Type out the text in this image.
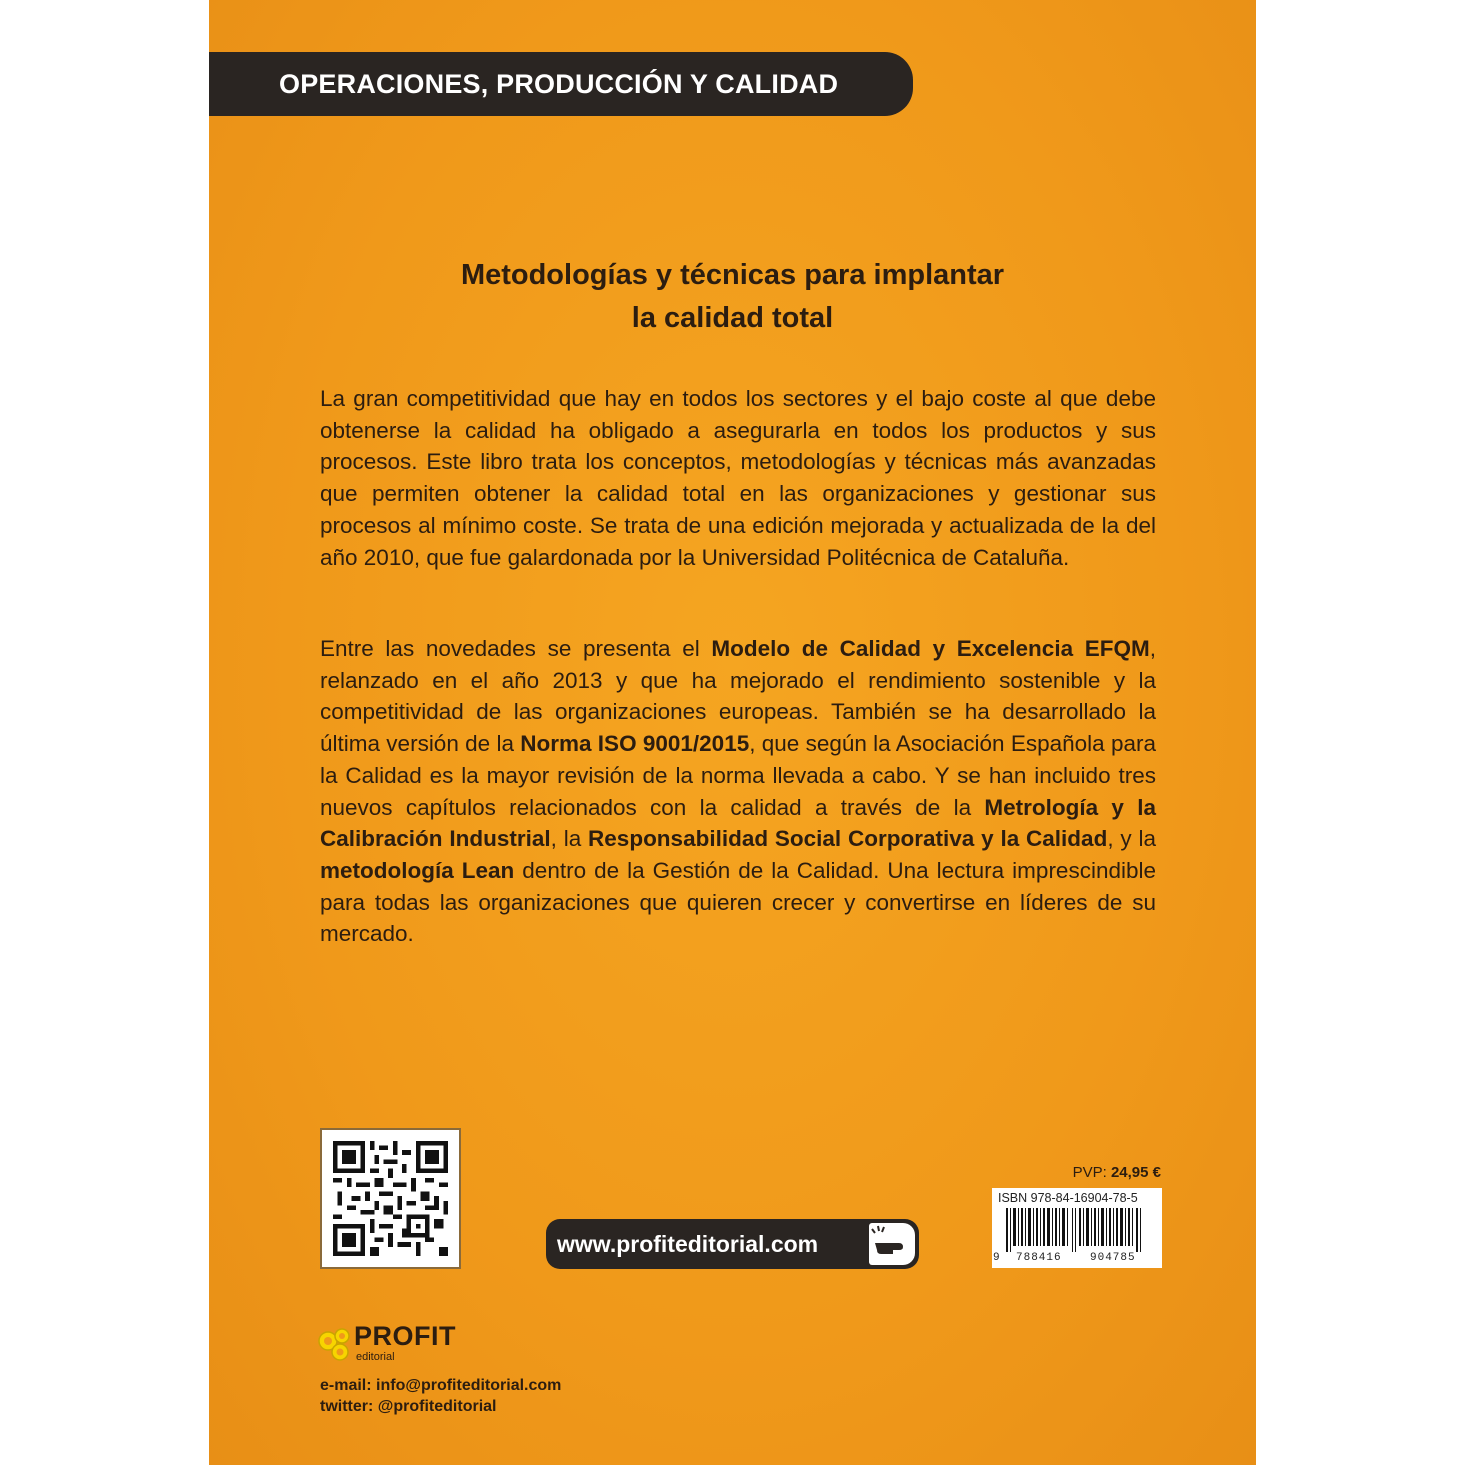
OPERACIONES, PRODUCCIÓN Y CALIDAD
Metodologías y técnicas para implantar
la calidad total
La gran competitividad que hay en todos los sectores y el bajo coste al que debe obtenerse la calidad ha obligado a asegurarla en todos los productos y sus procesos. Este libro trata los conceptos, metodologías y técnicas más avanzadas que permiten obtener la calidad total en las organizaciones y gestionar sus procesos al mínimo coste. Se trata de una edición mejorada y actualizada de la del año 2010, que fue galardonada por la Universidad Politécnica de Cataluña.
Entre las novedades se presenta el Modelo de Calidad y Excelencia EFQM, relanzado en el año 2013 y que ha mejorado el rendimiento sostenible y la competitividad de las organizaciones europeas. También se ha desarrollado la última versión de la Norma ISO 9001/2015, que según la Asociación Española para la Calidad es la mayor revisión de la norma llevada a cabo. Y se han incluido tres nuevos capítulos relacionados con la calidad a través de la Metrología y la Calibración Industrial, la Responsabilidad Social Corporativa y la Calidad, y la metodología Lean dentro de la Gestión de la Calidad. Una lectura imprescindible para todas las organizaciones que quieren crecer y convertirse en líderes de su mercado.
www.profiteditorial.com
PVP: 24,95 €
ISBN 978-84-16904-78-5
9 788416	904785
PROFIT
editorial
e-mail: info@profiteditorial.com
twitter: @profiteditorial
